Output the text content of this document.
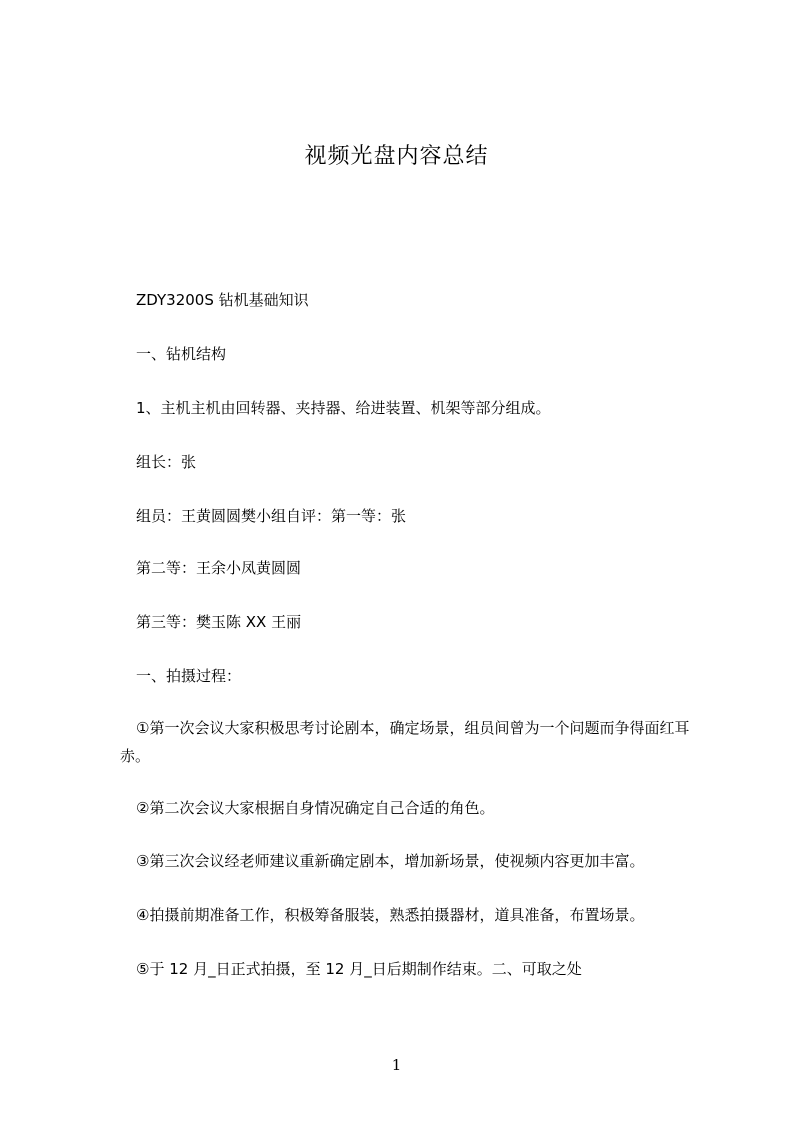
视频光盘内容总结
ZDY3200S 钻机基础知识
一、钻机结构
1、主机主机由回转器、夹持器、给进装置、机架等部分组成。
组长：张
组员：王黄圆圆樊小组自评：第一等：张
第二等：王余小凤黄圆圆
第三等：樊玉陈 XX 王丽
一、拍摄过程：
①第一次会议大家积极思考讨论剧本，确定场景，组员间曾为一个问题而争得面红耳赤。
②第二次会议大家根据自身情况确定自己合适的角色。
③第三次会议经老师建议重新确定剧本，增加新场景，使视频内容更加丰富。
④拍摄前期准备工作，积极筹备服装，熟悉拍摄器材，道具准备，布置场景。
⑤于 12 月_日正式拍摄，至 12 月_日后期制作结束。二、可取之处
1
